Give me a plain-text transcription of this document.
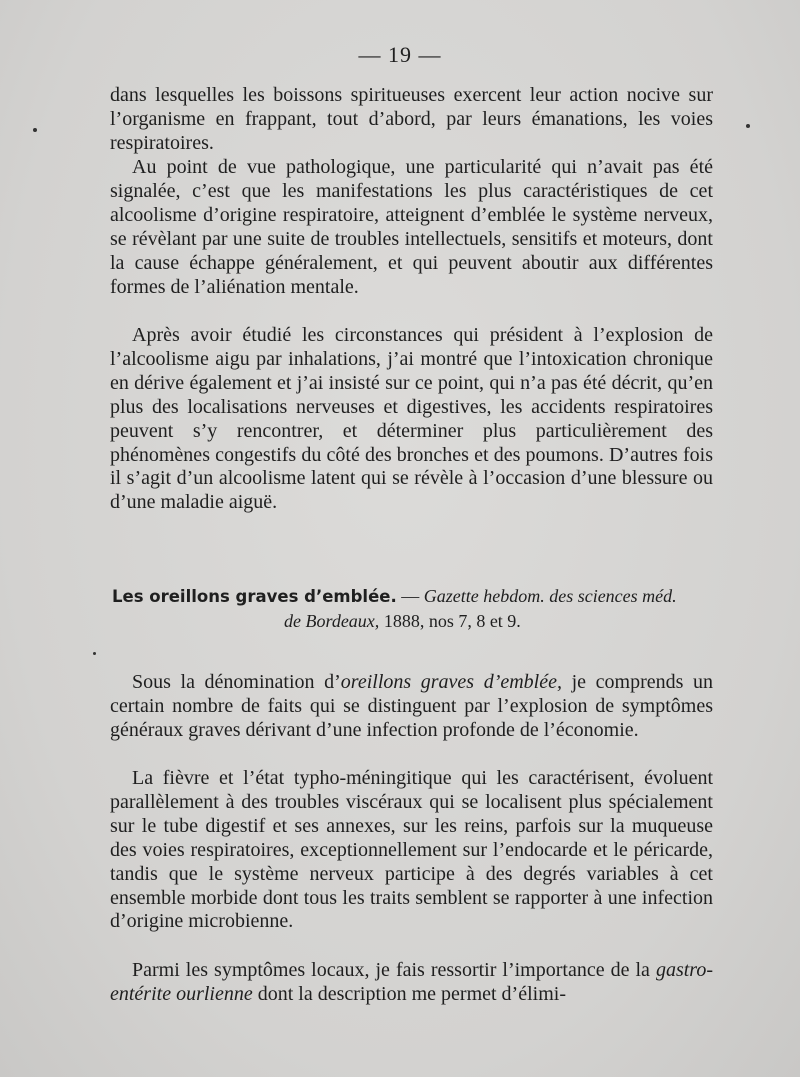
— 19 —

dans lesquelles les boissons spiritueuses exercent leur action nocive sur l’organisme en frappant, tout d’abord, par leurs émanations, les voies respiratoires.

Au point de vue pathologique, une particularité qui n’avait pas été signalée, c’est que les manifestations les plus caractéristiques de cet alcoolisme d’origine respiratoire, atteignent d’emblée le système nerveux, se révèlant par une suite de troubles intellectuels, sensitifs et moteurs, dont la cause échappe généralement, et qui peuvent aboutir aux différentes formes de l’aliénation mentale.

Après avoir étudié les circonstances qui président à l’explosion de l’alcoolisme aigu par inhalations, j’ai montré que l’intoxication chronique en dérive également et j’ai insisté sur ce point, qui n’a pas été décrit, qu’en plus des localisations nerveuses et digestives, les accidents respiratoires peuvent s’y rencontrer, et déterminer plus particulièrement des phénomènes congestifs du côté des bronches et des poumons. D’autres fois il s’agit d’un alcoolisme latent qui se révèle à l’occasion d’une blessure ou d’une maladie aiguë.

Les oreillons graves d’emblée. — Gazette hebdom. des sciences méd.
de Bordeaux, 1888, nos 7, 8 et 9.

Sous la dénomination d’oreillons graves d’emblée, je comprends un certain nombre de faits qui se distinguent par l’explosion de symptômes généraux graves dérivant d’une infection profonde de l’économie.

La fièvre et l’état typho-méningitique qui les caractérisent, évoluent parallèlement à des troubles viscéraux qui se localisent plus spécialement sur le tube digestif et ses annexes, sur les reins, parfois sur la muqueuse des voies respiratoires, exceptionnellement sur l’endocarde et le péricarde, tandis que le système nerveux participe à des degrés variables à cet ensemble morbide dont tous les traits semblent se rapporter à une infection d’origine microbienne.

Parmi les symptômes locaux, je fais ressortir l’importance de la gastro-entérite ourlienne dont la description me permet d’élimi-
